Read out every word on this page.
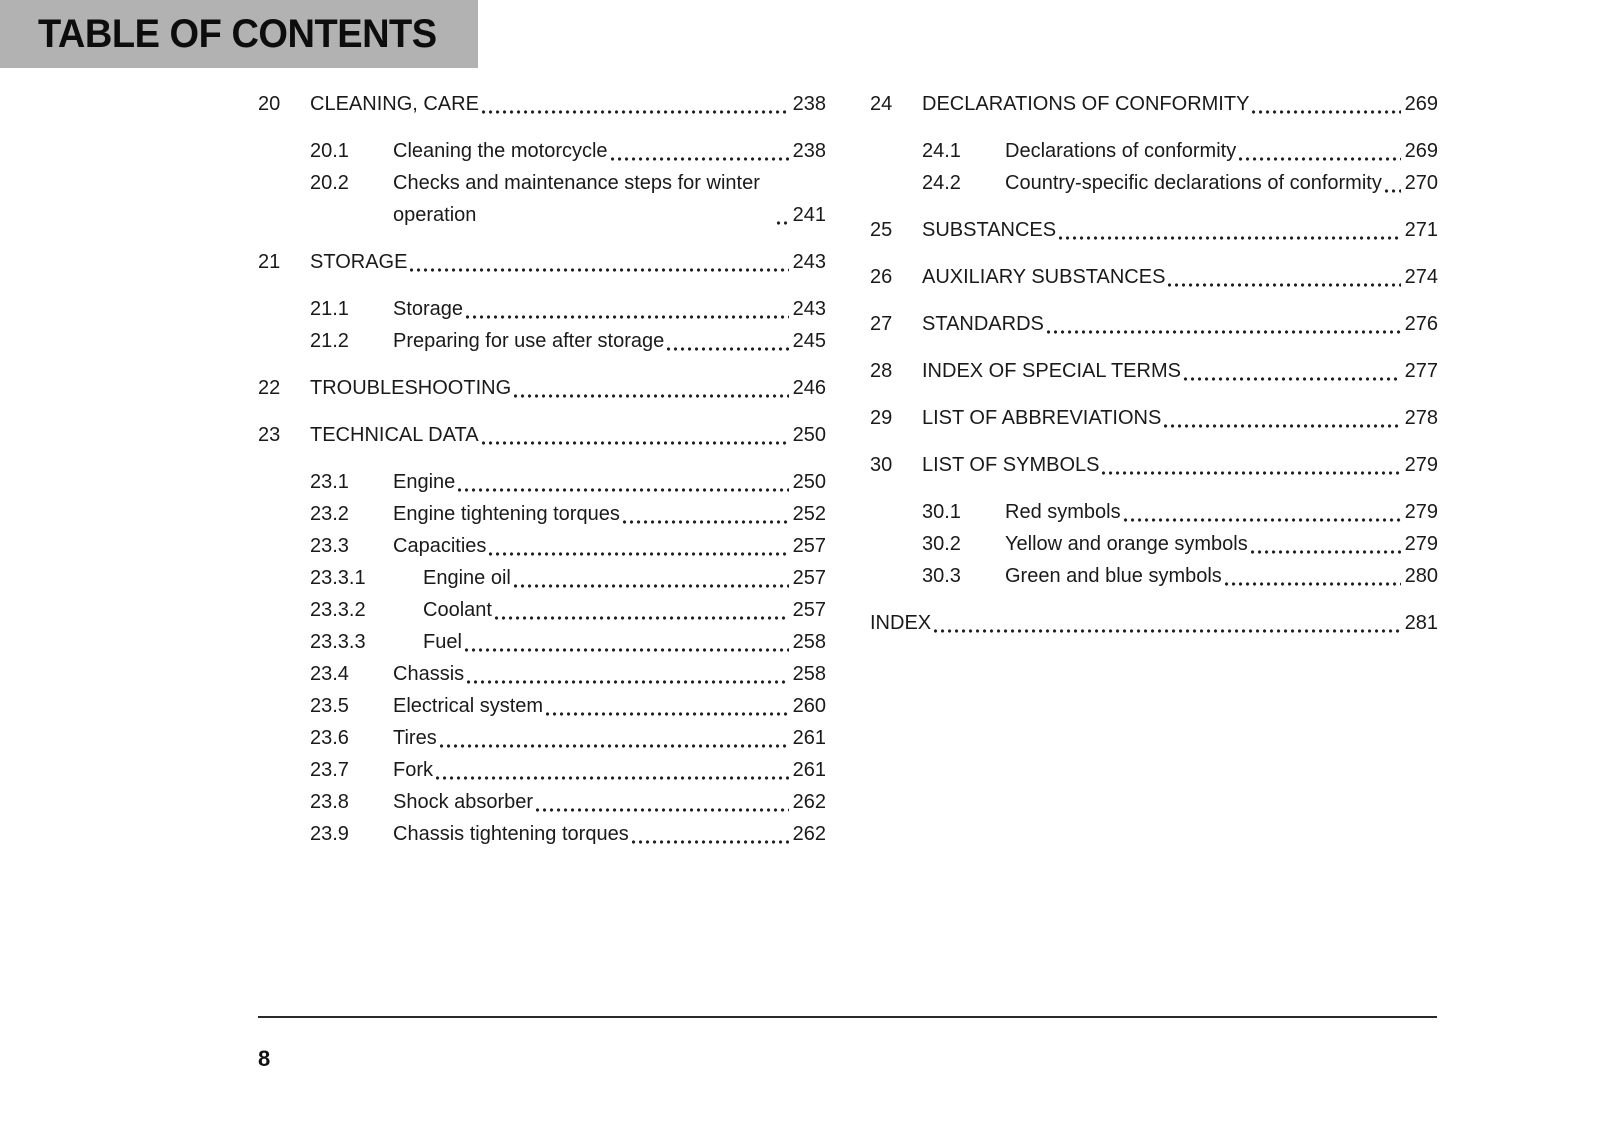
TABLE OF CONTENTS
20	CLEANING, CARE	238
20.1	Cleaning the motorcycle	238
20.2	Checks and maintenance steps for winter operation	241
21	STORAGE	243
21.1	Storage	243
21.2	Preparing for use after storage	245
22	TROUBLESHOOTING	246
23	TECHNICAL DATA	250
23.1	Engine	250
23.2	Engine tightening torques	252
23.3	Capacities	257
23.3.1	Engine oil	257
23.3.2	Coolant	257
23.3.3	Fuel	258
23.4	Chassis	258
23.5	Electrical system	260
23.6	Tires	261
23.7	Fork	261
23.8	Shock absorber	262
23.9	Chassis tightening torques	262
24	DECLARATIONS OF CONFORMITY	269
24.1	Declarations of conformity	269
24.2	Country-specific declarations of conformity 270
25	SUBSTANCES	271
26	AUXILIARY SUBSTANCES	274
27	STANDARDS	276
28	INDEX OF SPECIAL TERMS	277
29	LIST OF ABBREVIATIONS	278
30	LIST OF SYMBOLS	279
30.1	Red symbols	279
30.2	Yellow and orange symbols	279
30.3	Green and blue symbols	280
INDEX	281
8
